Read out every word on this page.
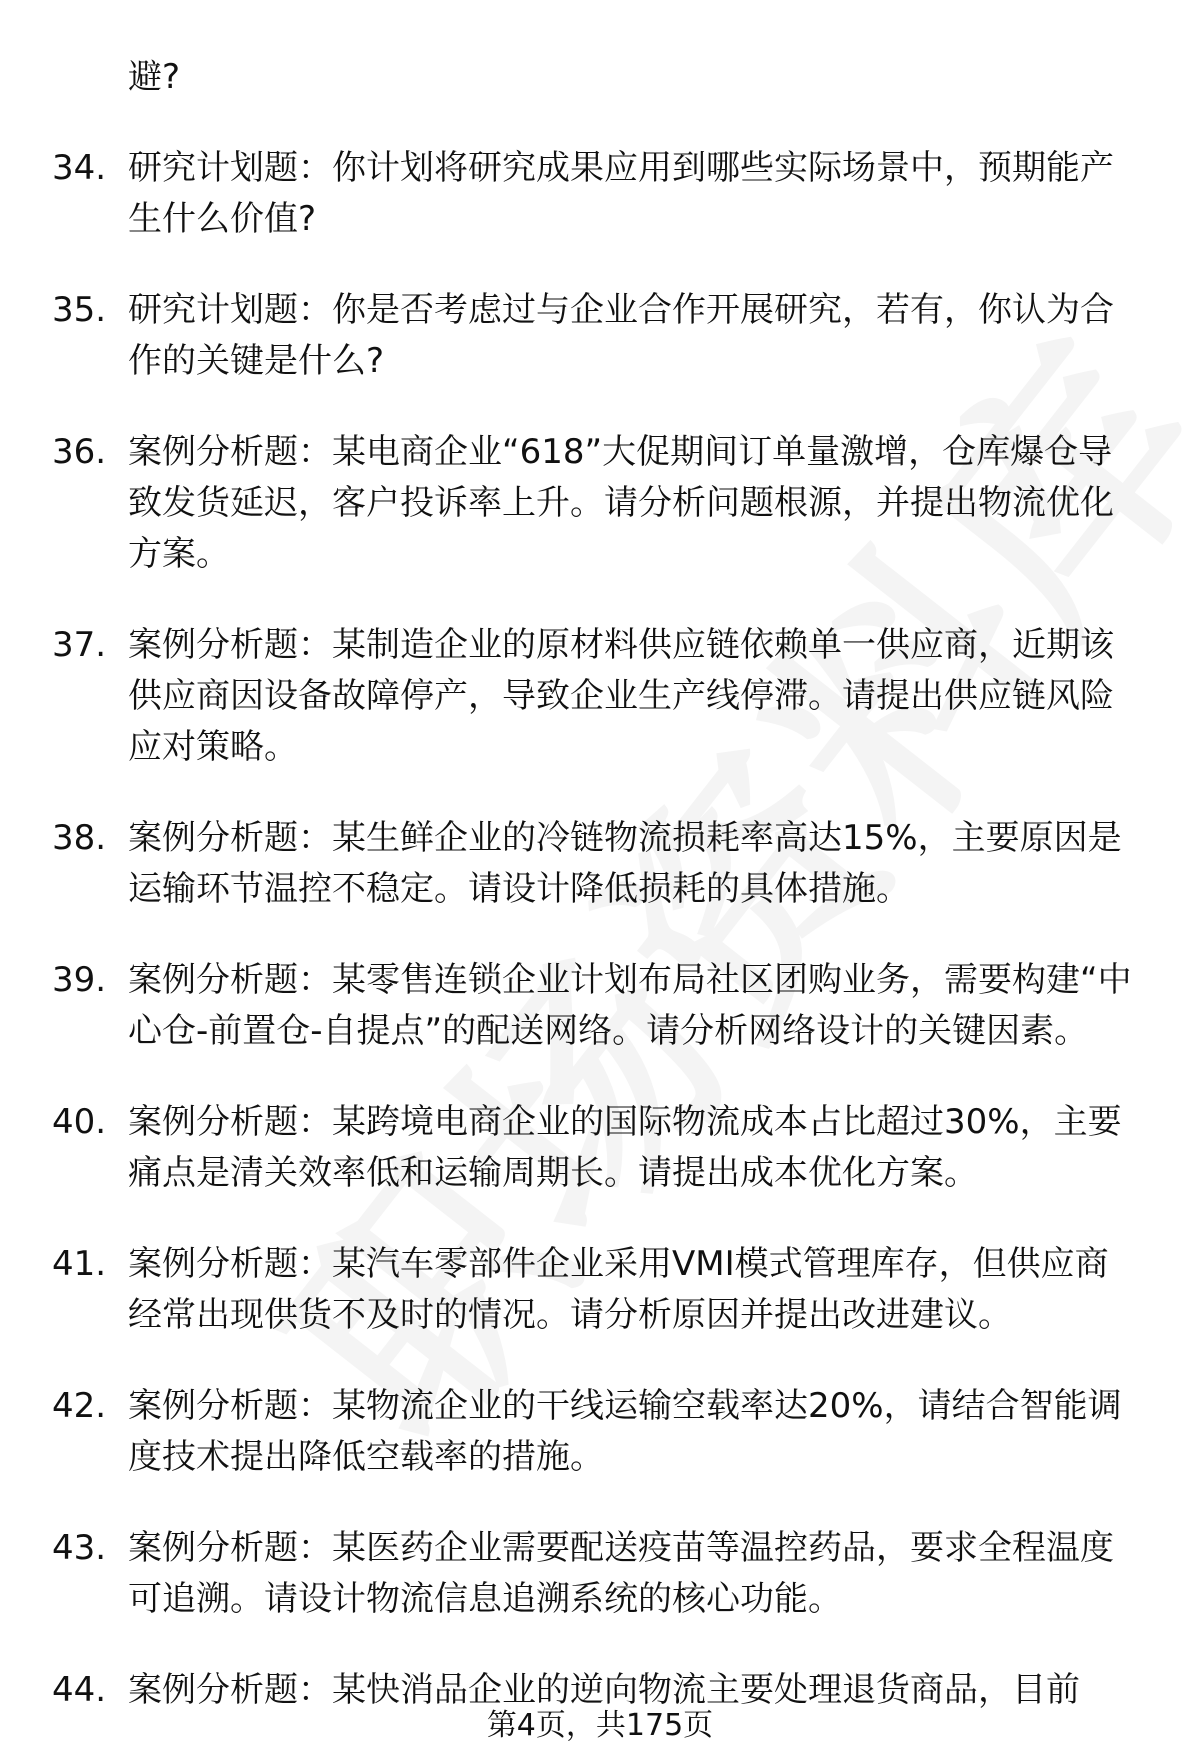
避?
34. 研究计划题：你计划将研究成果应用到哪些实际场景中，预期能产生什么价值?
35. 研究计划题：你是否考虑过与企业合作开展研究，若有，你认为合作的关键是什么?
36. 案例分析题：某电商企业“618”大促期间订单量激增，仓库爆仓导致发货延迟，客户投诉率上升。请分析问题根源，并提出物流优化方案。
37. 案例分析题：某制造企业的原材料供应链依赖单一供应商，近期该供应商因设备故障停产，导致企业生产线停滞。请提出供应链风险应对策略。
38. 案例分析题：某生鲜企业的冷链物流损耗率高达15%，主要原因是运输环节温控不稳定。请设计降低损耗的具体措施。
39. 案例分析题：某零售连锁企业计划布局社区团购业务，需要构建“中心仓-前置仓-自提点”的配送网络。请分析网络设计的关键因素。
40. 案例分析题：某跨境电商企业的国际物流成本占比超过30%，主要痛点是清关效率低和运输周期长。请提出成本优化方案。
41. 案例分析题：某汽车零部件企业采用VMI模式管理库存，但供应商经常出现供货不及时的情况。请分析原因并提出改进建议。
42. 案例分析题：某物流企业的干线运输空载率达20%，请结合智能调度技术提出降低空载率的措施。
43. 案例分析题：某医药企业需要配送疫苗等温控药品，要求全程温度可追溯。请设计物流信息追溯系统的核心功能。
44. 案例分析题：某快消品企业的逆向物流主要处理退货商品，目前
第4页，共175页
